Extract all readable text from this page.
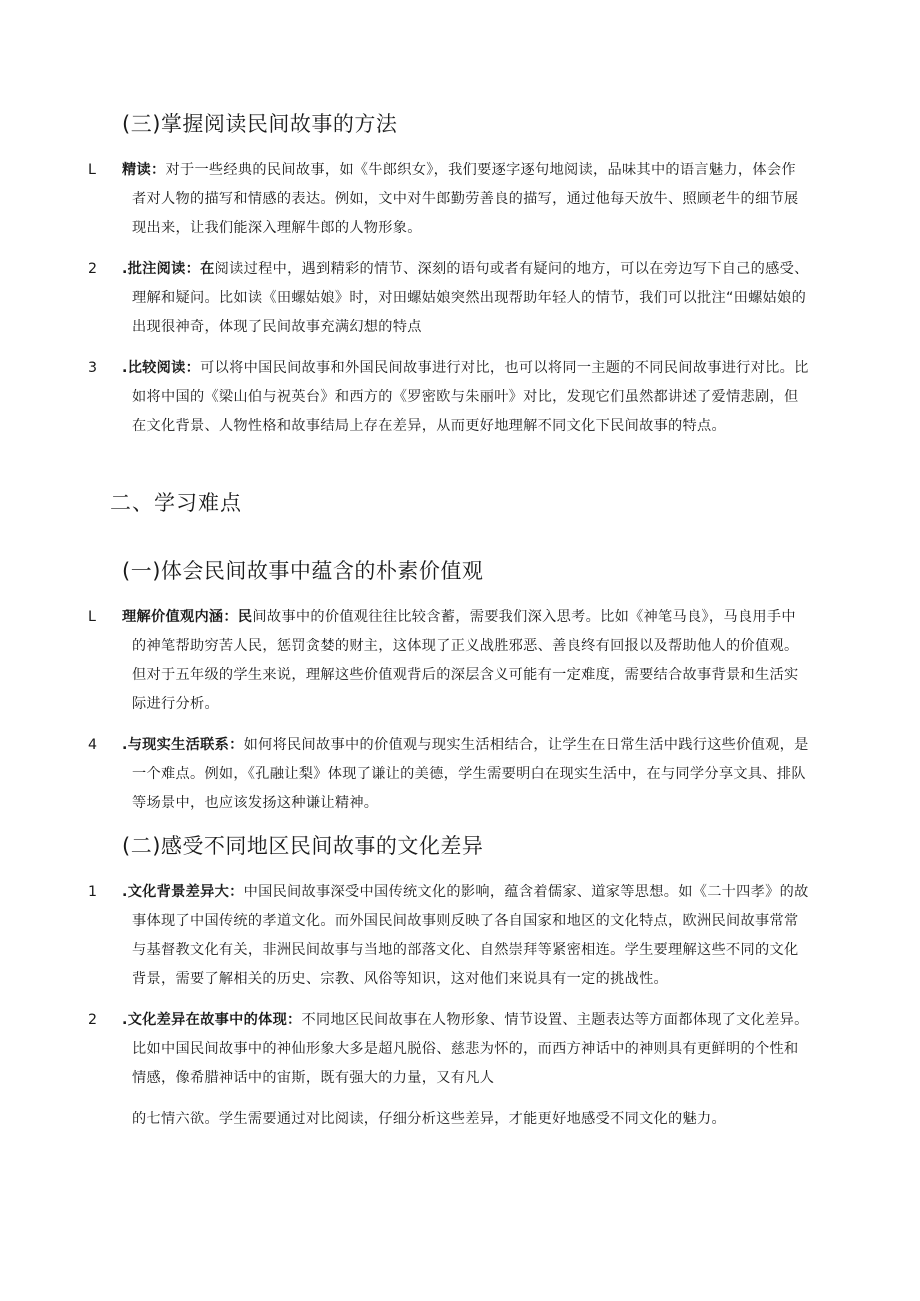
(三)掌握阅读民间故事的方法

L 精读：对于一些经典的民间故事，如《牛郎织女》，我们要逐字逐句地阅读，品味其中的语言魅力，体会作者对人物的描写和情感的表达。例如，文中对牛郎勤劳善良的描写，通过他每天放牛、照顾老牛的细节展现出来，让我们能深入理解牛郎的人物形象。

2 .批注阅读：在阅读过程中，遇到精彩的情节、深刻的语句或者有疑问的地方，可以在旁边写下自己的感受、理解和疑问。比如读《田螺姑娘》时，对田螺姑娘突然出现帮助年轻人的情节，我们可以批注“田螺姑娘的出现很神奇，体现了民间故事充满幻想的特点

3 .比较阅读：可以将中国民间故事和外国民间故事进行对比，也可以将同一主题的不同民间故事进行对比。比如将中国的《梁山伯与祝英台》和西方的《罗密欧与朱丽叶》对比，发现它们虽然都讲述了爱情悲剧，但在文化背景、人物性格和故事结局上存在差异，从而更好地理解不同文化下民间故事的特点。

二、学习难点
(一)体会民间故事中蕴含的朴素价值观

L 理解价值观内涵：民间故事中的价值观往往比较含蓄，需要我们深入思考。比如《神笔马良》，马良用手中的神笔帮助穷苦人民，惩罚贪婪的财主，这体现了正义战胜邪恶、善良终有回报以及帮助他人的价值观。但对于五年级的学生来说，理解这些价值观背后的深层含义可能有一定难度，需要结合故事背景和生活实际进行分析。

4 .与现实生活联系：如何将民间故事中的价值观与现实生活相结合，让学生在日常生活中践行这些价值观，是一个难点。例如，《孔融让梨》体现了谦让的美德，学生需要明白在现实生活中，在与同学分享文具、排队等场景中，也应该发扬这种谦让精神。

(二)感受不同地区民间故事的文化差异

1 .文化背景差异大：中国民间故事深受中国传统文化的影响，蕴含着儒家、道家等思想。如《二十四孝》的故事体现了中国传统的孝道文化。而外国民间故事则反映了各自国家和地区的文化特点，欧洲民间故事常常与基督教文化有关，非洲民间故事与当地的部落文化、自然崇拜等紧密相连。学生要理解这些不同的文化背景，需要了解相关的历史、宗教、风俗等知识，这对他们来说具有一定的挑战性。

2 .文化差异在故事中的体现：不同地区民间故事在人物形象、情节设置、主题表达等方面都体现了文化差异。比如中国民间故事中的神仙形象大多是超凡脱俗、慈悲为怀的，而西方神话中的神则具有更鲜明的个性和情感，像希腊神话中的宙斯，既有强大的力量，又有凡人

的七情六欲。学生需要通过对比阅读，仔细分析这些差异，才能更好地感受不同文化的魅力。
